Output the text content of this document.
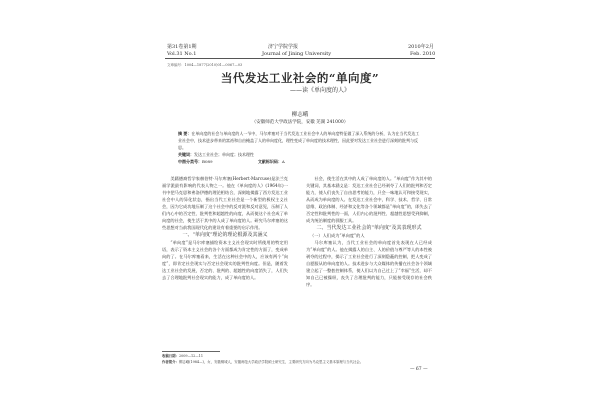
第31卷第1期	济宁学院学报	2010年2月
Vol.31 No.1	Journal of Jining University	Feb. 2010
文章编号：1004—1877(2010)01—0067—03
当代发达工业社会的“单向度”
——读《单向度的人》
柳志峨
（安徽师范大学政法学院，安徽 芜湖 241000）
摘 要：在单向度的社会与单向度的人一节中，马尔库塞对于当代发达工业社会中人的单向度特征做了深入系统的分析，认为在当代发达工业社会中，技术进步带来的富裕和自由掩盖了人的单向度化，理性变成了单向度的技术理性，因此要对发达工业社会进行深刻的批判与反思。
关键词：发达工业社会；单向度；技术理性
中图分类号：B089	文献标识码：A

美籍德裔哲学家赫伯特·马尔库塞(Herbert·Marcuse)是法兰克福学派最有影响的代表人物之一。他在《单向度的人》(1964年)一书中把马克思和弗洛伊德的理论相结合，深刻地揭露了西方发达工业社会中人的异化状态，指出当代工业社会是一个新型的极权主义社会，因为它成功地压制了这个社会中的反对派和反对意见，压制了人们内心中的否定性、批判性和超越性的向度，从而使这个社会成了单向度的社会，使生活于其中的人成了单向度的人。研究马尔库塞的这些思想对当前我国现代化的建设有着重要的启示作用。

一、“单向度”理论的理论根源及其涵义

“单向度”是马尔库塞描绘资本主义社会现实时所使用的特定用语，表示了资本主义社会的各个方面都成为肯定性的方面了，变成单向的了。在马尔库塞看来，生活在这种社会中的人，应该有两个“向度”，即肯定社会现实与否定社会现实的批判性向度。但是，随着发达工业社会的发展，否定的、批判的、超越性的向度消失了，人们失去了合理地批判社会现实的能力，成了单向度的人。

社会，使生活在其中的人成了单向度的人。“单向度”作为其中的关键词，其基本涵义是：发达工业社会已经剥夺了人们的批判和否定能力，使人们丧失了自由思考的能力，只会一味地认可和接受现实，从而成为单向度的人。在发达工业社会中，科学、技术、哲学、日常思维、政治体制、经济和文化等各个领域都是“单向度”的，即失去了否定性和批判性的一面，人们内心的批判性、超越性思想受到抑制，成为统治制度的驯服工具。

二、当代发达工业社会的“单向度”及其表现形式

（一）人们成为“单向度”的人

马尔库塞认为，当代工业社会的单向度首先表现在人已经成为“单向度”的人。他在揭露人的自主、人的价值与尊严等人的本性被剥夺的过程中，揭示了工业社会进行了深刻隐蔽的控制，把人变成了自愿服从的单向度的人。技术进步与大众媒体的传播在社会各个领域建立起了一整套控制体系，使人们以为自己过上了“幸福”生活，却不知自己已被操纵，丧失了合理批判的能力，只能接受现存的社会秩序。

收稿日期：2009—12—11
作者简介：柳志峨(1984—)，女，安徽桐城人，安徽师范大学政法学院硕士研究生，主要研究方向为马克思主义基本原理与当代社会。
— 67 —
